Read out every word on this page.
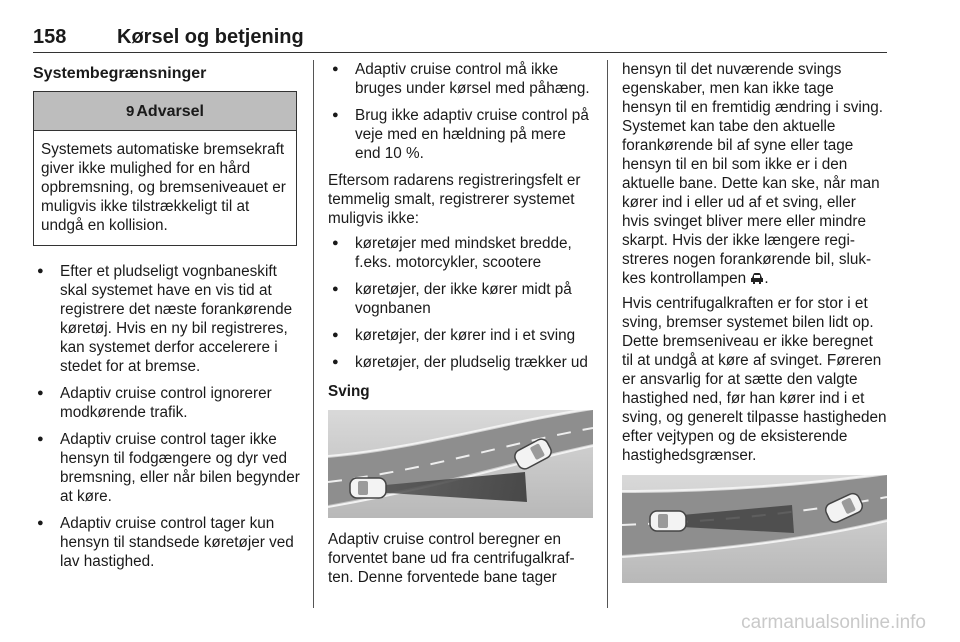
158	Kørsel og betjening
Systembegrænsninger
9 Advarsel
Systemets automatiske bremsekraft giver ikke mulighed for en hård opbremsning, og bremseniveauet er muligvis ikke tilstrækkeligt til at undgå en kollision.
● Efter et pludseligt vognbaneskift skal systemet have en vis tid at registrere det næste forankørende køretøj. Hvis en ny bil registreres, kan systemet derfor accelerere i stedet for at bremse.
● Adaptiv cruise control ignorerer modkørende trafik.
● Adaptiv cruise control tager ikke hensyn til fodgængere og dyr ved bremsning, eller når bilen begynder at køre.
● Adaptiv cruise control tager kun hensyn til standsede køretøjer ved lav hastighed.
● Adaptiv cruise control må ikke bruges under kørsel med påhæng.
● Brug ikke adaptiv cruise control på veje med en hældning på mere end 10 %.

Eftersom radarens registreringsfelt er temmelig smalt, registrerer systemet muligvis ikke:

● køretøjer med mindsket bredde, f.eks. motorcykler, scootere
● køretøjer, der ikke kører midt på vognbanen
● køretøjer, der kører ind i et sving
● køretøjer, der pludselig trækker ud
Sving

Adaptiv cruise control beregner en forventet bane ud fra centrifugalkraften. Denne forventede bane tager

hensyn til det nuværende svings egenskaber, men kan ikke tage hensyn til en fremtidig ændring i sving. Systemet kan tabe den aktuelle forankørende bil af syne eller tage hensyn til en bil som ikke er i den aktuelle bane. Dette kan ske, når man kører ind i eller ud af et sving, eller hvis svinget bliver mere eller mindre skarpt. Hvis der ikke længere registreres nogen forankørende bil, slukkes kontrollampen .

Hvis centrifugalkraften er for stor i et sving, bremser systemet bilen lidt op. Dette bremseniveau er ikke beregnet til at undgå at køre af svinget. Føreren er ansvarlig for at sætte den valgte hastighed ned, før han kører ind i et sving, og generelt tilpasse hastigheden efter vejtypen og de eksisterende hastighedsgrænser.

carmanualsonline.info
